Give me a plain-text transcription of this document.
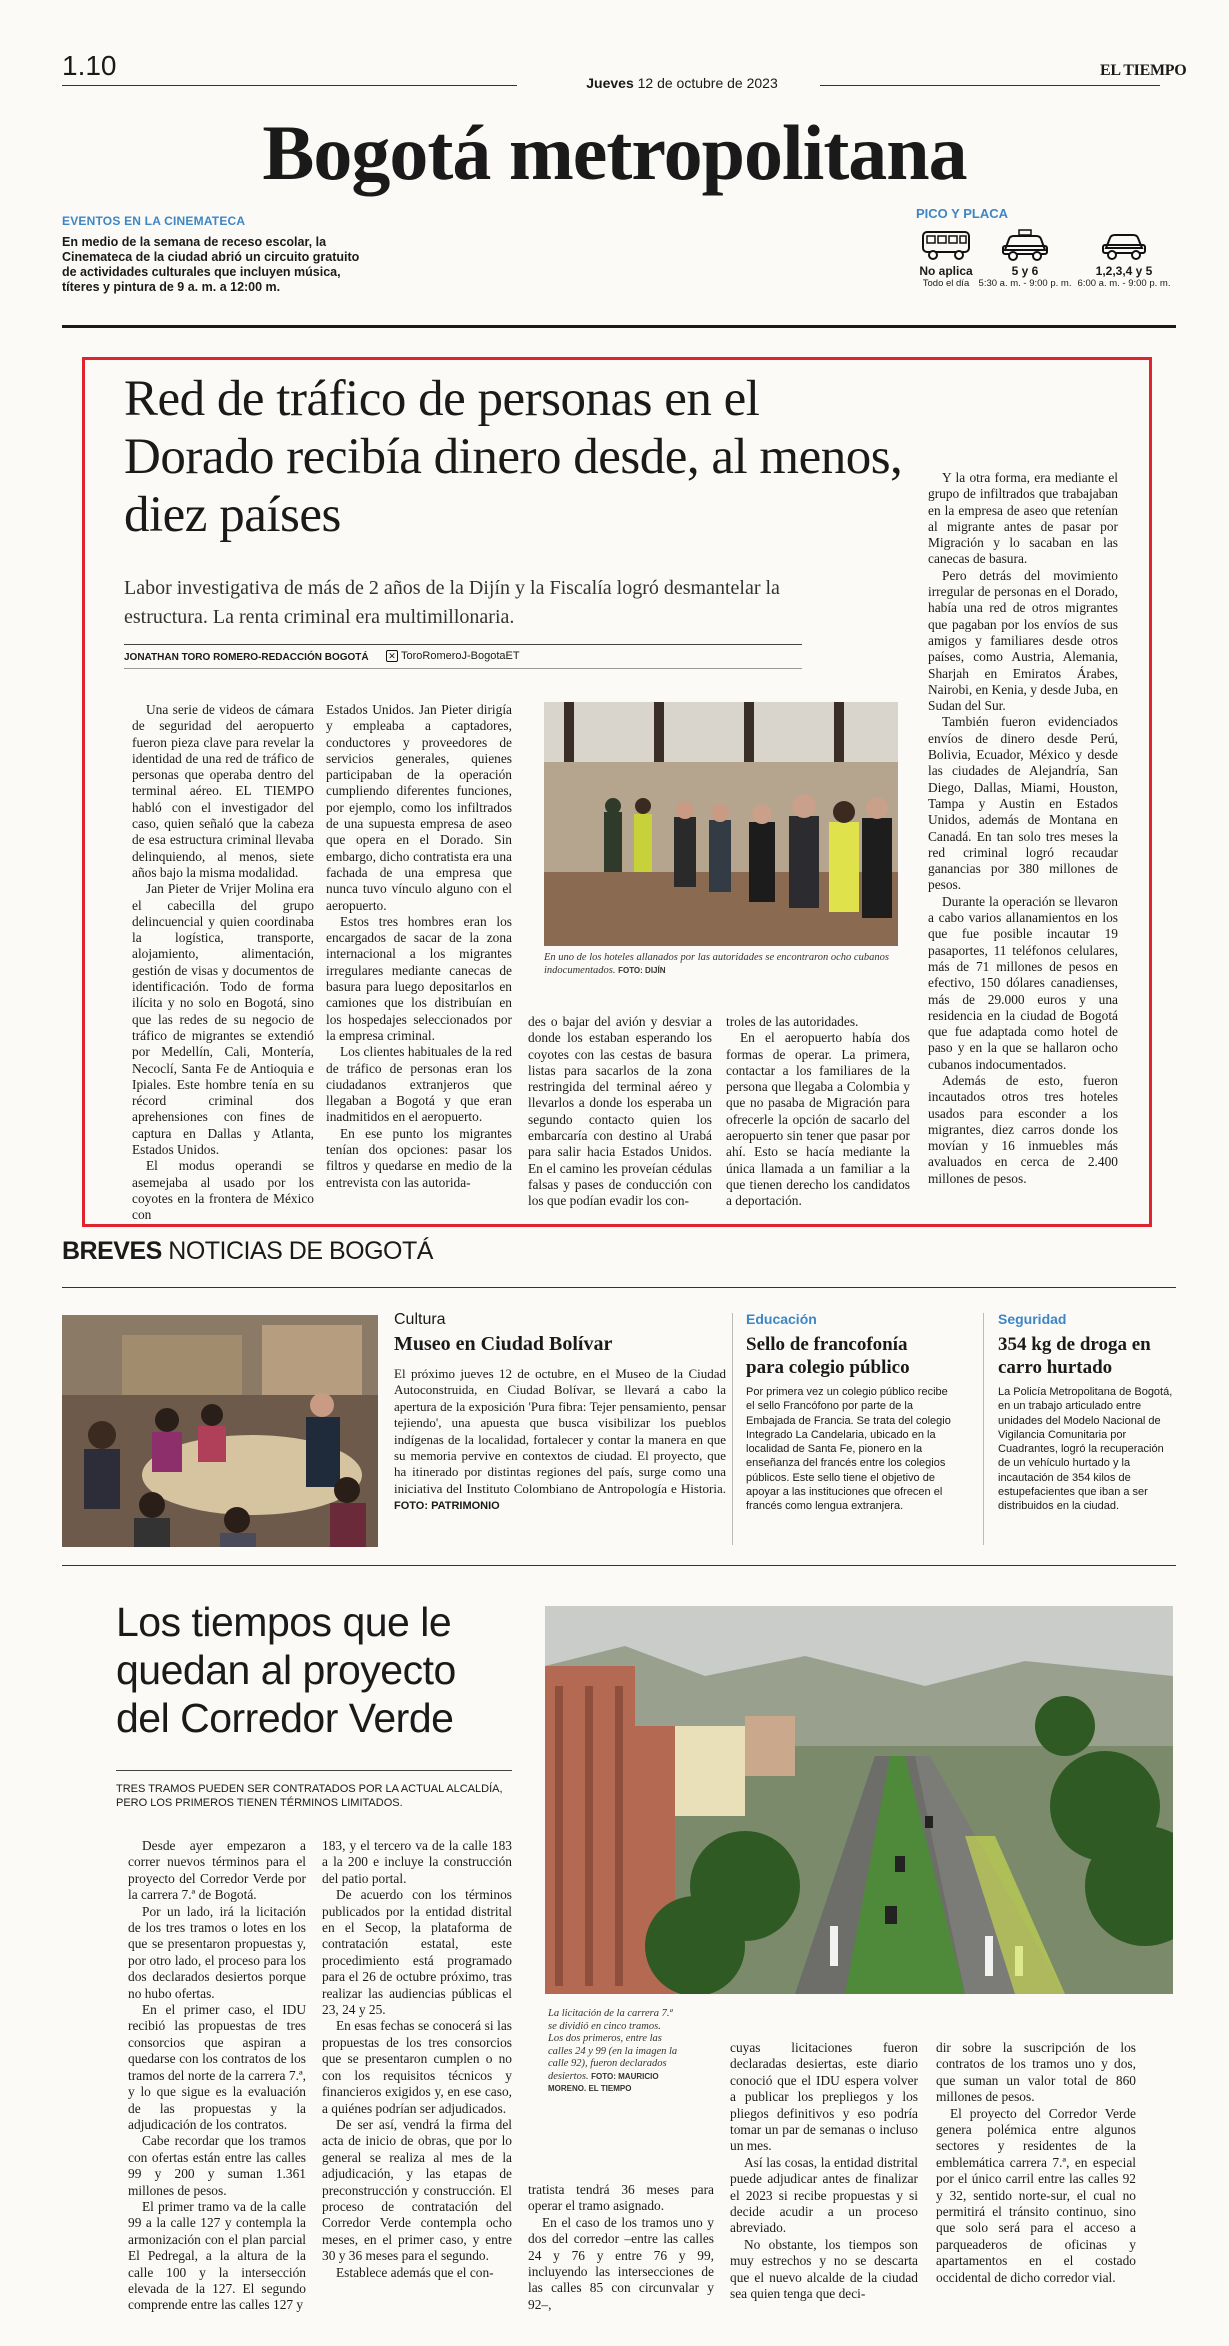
1.10
Jueves 12 de octubre de 2023
EL TIEMPO
Bogotá metropolitana
EVENTOS EN LA CINEMATECA
En medio de la semana de receso escolar, la Cinemateca de la ciudad abrió un circuito gratuito de actividades culturales que incluyen música, títeres y pintura de 9 a. m. a 12:00 m.
PICO Y PLACA
No aplica
Todo el día
5 y 6
5:30 a. m. - 9:00 p. m.
1,2,3,4 y 5
6:00 a. m. - 9:00 p. m.
Red de tráfico de personas en el Dorado recibía dinero desde, al menos, diez países
Labor investigativa de más de 2 años de la Dijín y la Fiscalía logró desmantelar la estructura. La renta criminal era multimillonaria.
JONATHAN TORO ROMERO-REDACCIÓN BOGOTÁ ✕ ToroRomeroJ-BogotaET

Una serie de videos de cámara de seguridad del aeropuerto fueron pieza clave para revelar la identidad de una red de tráfico de personas que operaba dentro del terminal aéreo. EL TIEMPO habló con el investigador del caso, quien señaló que la cabeza de esa estructura criminal llevaba delinquiendo, al menos, siete años bajo la misma modalidad.

Jan Pieter de Vrijer Molina era el cabecilla del grupo delincuencial y quien coordinaba la logística, transporte, alojamiento, alimentación, gestión de visas y documentos de identificación. Todo de forma ilícita y no solo en Bogotá, sino que las redes de su negocio de tráfico de migrantes se extendió por Medellín, Cali, Montería, Necoclí, Santa Fe de Antioquia e Ipiales. Este hombre tenía en su récord criminal dos aprehensiones con fines de captura en Dallas y Atlanta, Estados Unidos.

El modus operandi se asemejaba al usado por los coyotes en la frontera de México con

Estados Unidos. Jan Pieter dirigía y empleaba a captadores, conductores y proveedores de servicios generales, quienes participaban de la operación cumpliendo diferentes funciones, por ejemplo, como los infiltrados de una supuesta empresa de aseo que opera en el Dorado. Sin embargo, dicho contratista era una fachada de una empresa que nunca tuvo vínculo alguno con el aeropuerto.

Estos tres hombres eran los encargados de sacar de la zona internacional a los migrantes irregulares mediante canecas de basura para luego depositarlos en camiones que los distribuían en los hospedajes seleccionados por la empresa criminal.

Los clientes habituales de la red de tráfico de personas eran los ciudadanos extranjeros que llegaban a Bogotá y que eran inadmitidos en el aeropuerto.

En ese punto los migrantes tenían dos opciones: pasar los filtros y quedarse en medio de la entrevista con las autorida-

En uno de los hoteles allanados por las autoridades se encontraron ocho cubanos indocumentados. FOTO: DIJÍN

des o bajar del avión y desviar a donde los estaban esperando los coyotes con las cestas de basura listas para sacarlos de la zona restringida del terminal aéreo y llevarlos a donde los esperaba un segundo contacto quien los embarcaría con destino al Urabá para salir hacia Estados Unidos. En el camino les proveían cédulas falsas y pases de conducción con los que podían evadir los con-

troles de las autoridades.

En el aeropuerto había dos formas de operar. La primera, contactar a los familiares de la persona que llegaba a Colombia y que no pasaba de Migración para ofrecerle la opción de sacarlo del aeropuerto sin tener que pasar por ahí. Esto se hacía mediante la única llamada a un familiar a la que tienen derecho los candidatos a deportación.

Y la otra forma, era mediante el grupo de infiltrados que trabajaban en la empresa de aseo que retenían al migrante antes de pasar por Migración y lo sacaban en las canecas de basura.

Pero detrás del movimiento irregular de personas en el Dorado, había una red de otros migrantes que pagaban por los envíos de sus amigos y familiares desde otros países, como Austria, Alemania, Sharjah en Emiratos Árabes, Nairobi, en Kenia, y desde Juba, en Sudan del Sur.

También fueron evidenciados envíos de dinero desde Perú, Bolivia, Ecuador, México y desde las ciudades de Alejandría, San Diego, Dallas, Miami, Houston, Tampa y Austin en Estados Unidos, además de Montana en Canadá. En tan solo tres meses la red criminal logró recaudar ganancias por 380 millones de pesos.

Durante la operación se llevaron a cabo varios allanamientos en los que fue posible incautar 19 pasaportes, 11 teléfonos celulares, más de 71 millones de pesos en efectivo, 150 dólares canadienses, más de 29.000 euros y una residencia en la ciudad de Bogotá que fue adaptada como hotel de paso y en la que se hallaron ocho cubanos indocumentados.

Además de esto, fueron incautados otros tres hoteles usados para esconder a los migrantes, diez carros donde los movían y 16 inmuebles más avaluados en cerca de 2.400 millones de pesos.

BREVES NOTICIAS DE BOGOTÁ
Cultura
Museo en Ciudad Bolívar
El próximo jueves 12 de octubre, en el Museo de la Ciudad Autoconstruida, en Ciudad Bolívar, se llevará a cabo la apertura de la exposición 'Pura fibra: Tejer pensamiento, pensar tejiendo', una apuesta que busca visibilizar los pueblos indígenas de la localidad, fortalecer y contar la manera en que su memoria pervive en contextos de ciudad. El proyecto, que ha itinerado por distintas regiones del país, surge como una iniciativa del Instituto Colombiano de Antropología e Historia. FOTO: PATRIMONIO
Educación
Sello de francofonía para colegio público
Por primera vez un colegio público recibe el sello Francófono por parte de la Embajada de Francia. Se trata del colegio Integrado La Candelaria, ubicado en la localidad de Santa Fe, pionero en la enseñanza del francés entre los colegios públicos. Este sello tiene el objetivo de apoyar a las instituciones que ofrecen el francés como lengua extranjera.
Seguridad
354 kg de droga en carro hurtado
La Policía Metropolitana de Bogotá, en un trabajo articulado entre unidades del Modelo Nacional de Vigilancia Comunitaria por Cuadrantes, logró la recuperación de un vehículo hurtado y la incautación de 354 kilos de estupefacientes que iban a ser distribuidos en la ciudad.
Los tiempos que le quedan al proyecto del Corredor Verde
TRES TRAMOS PUEDEN SER CONTRATADOS POR LA ACTUAL ALCALDÍA, PERO LOS PRIMEROS TIENEN TÉRMINOS LIMITADOS.

Desde ayer empezaron a correr nuevos términos para el proyecto del Corredor Verde por la carrera 7.ª de Bogotá.

Por un lado, irá la licitación de los tres tramos o lotes en los que se presentaron propuestas y, por otro lado, el proceso para los dos declarados desiertos porque no hubo ofertas.

En el primer caso, el IDU recibió las propuestas de tres consorcios que aspiran a quedarse con los contratos de los tramos del norte de la carrera 7.ª, y lo que sigue es la evaluación de las propuestas y la adjudicación de los contratos.

Cabe recordar que los tramos con ofertas están entre las calles 99 y 200 y suman 1.361 millones de pesos.

El primer tramo va de la calle 99 a la calle 127 y contempla la armonización con el plan parcial El Pedregal, a la altura de la calle 100 y la intersección elevada de la 127. El segundo comprende entre las calles 127 y

183, y el tercero va de la calle 183 a la 200 e incluye la construcción del patio portal.

De acuerdo con los términos publicados por la entidad distrital en el Secop, la plataforma de contratación estatal, este procedimiento está programado para el 26 de octubre próximo, tras realizar las audiencias públicas el 23, 24 y 25.

En esas fechas se conocerá si las propuestas de los tres consorcios que se presentaron cumplen o no con los requisitos técnicos y financieros exigidos y, en ese caso, a quiénes podrían ser adjudicados.

De ser así, vendrá la firma del acta de inicio de obras, que por lo general se realiza al mes de la adjudicación, y las etapas de preconstrucción y construcción. El proceso de contratación del Corredor Verde contempla ocho meses, en el primer caso, y entre 30 y 36 meses para el segundo.

Establece además que el con-

La licitación de la carrera 7.ª se dividió en cinco tramos. Los dos primeros, entre las calles 24 y 99 (en la imagen la calle 92), fueron declarados desiertos. FOTO: MAURICIO MORENO. EL TIEMPO

tratista tendrá 36 meses para operar el tramo asignado.

En el caso de los tramos uno y dos del corredor –entre las calles 24 y 76 y entre 76 y 99, incluyendo las intersecciones de las calles 85 con circunvalar y 92–,

cuyas licitaciones fueron declaradas desiertas, este diario conoció que el IDU espera volver a publicar los prepliegos y los pliegos definitivos y eso podría tomar un par de semanas o incluso un mes.

Así las cosas, la entidad distrital puede adjudicar antes de finalizar el 2023 si recibe propuestas y si decide acudir a un proceso abreviado.

No obstante, los tiempos son muy estrechos y no se descarta que el nuevo alcalde de la ciudad sea quien tenga que deci-

dir sobre la suscripción de los contratos de los tramos uno y dos, que suman un valor total de 860 millones de pesos.

El proyecto del Corredor Verde genera polémica entre algunos sectores y residentes de la emblemática carrera 7.ª, en especial por el único carril entre las calles 92 y 32, sentido norte-sur, el cual no permitirá el tránsito continuo, sino que solo será para el acceso a parqueaderos de oficinas y apartamentos en el costado occidental de dicho corredor vial.
